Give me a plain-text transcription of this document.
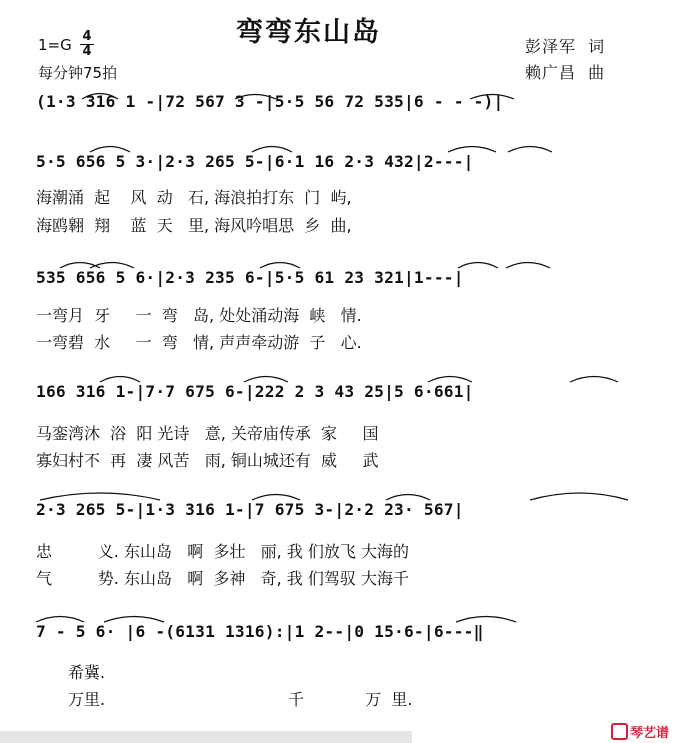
弯弯东山岛
1=G 4
4
每分钟75拍
彭泽军  词
赖广昌  曲
(1·3 316 1 -|72 567 3 -|5·5 56 72 535|6 - - -)|
5·5 656 5 3·|2·3 265 5-|6·1 16 2·3 432|2---|
海潮涌  起    风  动   石, 海浪拍打东  门  屿,
海鸥翱  翔    蓝  天   里, 海风吟唱思  乡  曲,
535 656 5 6·|2·3 235 6-|5·5 61 23 321|1---|
一弯月  牙     一  弯   岛, 处处涌动海  峡   情.
一弯碧  水     一  弯   情, 声声牵动游  子   心.
166 316 1-|7·7 675 6-|222 2 3 43 25|5 6·661|
马銮湾沐  浴  阳 光诗   意, 关帝庙传承  家     国
寡妇村不  再  凄 风苦   雨, 铜山城还有  威     武
2·3 265 5-|1·3 316 1-|7 675 3-|2·2 23· 567|
忠         义. 东山岛   啊  多壮   丽, 我 们放飞 大海的
气         势. 东山岛   啊  多神   奇, 我 们驾驭 大海千
7 - 5 6· |6 -(6131 1316):|1 2--|0 15·6-|6---‖
希冀.
万里.                                    千            万  里.
琴艺谱
